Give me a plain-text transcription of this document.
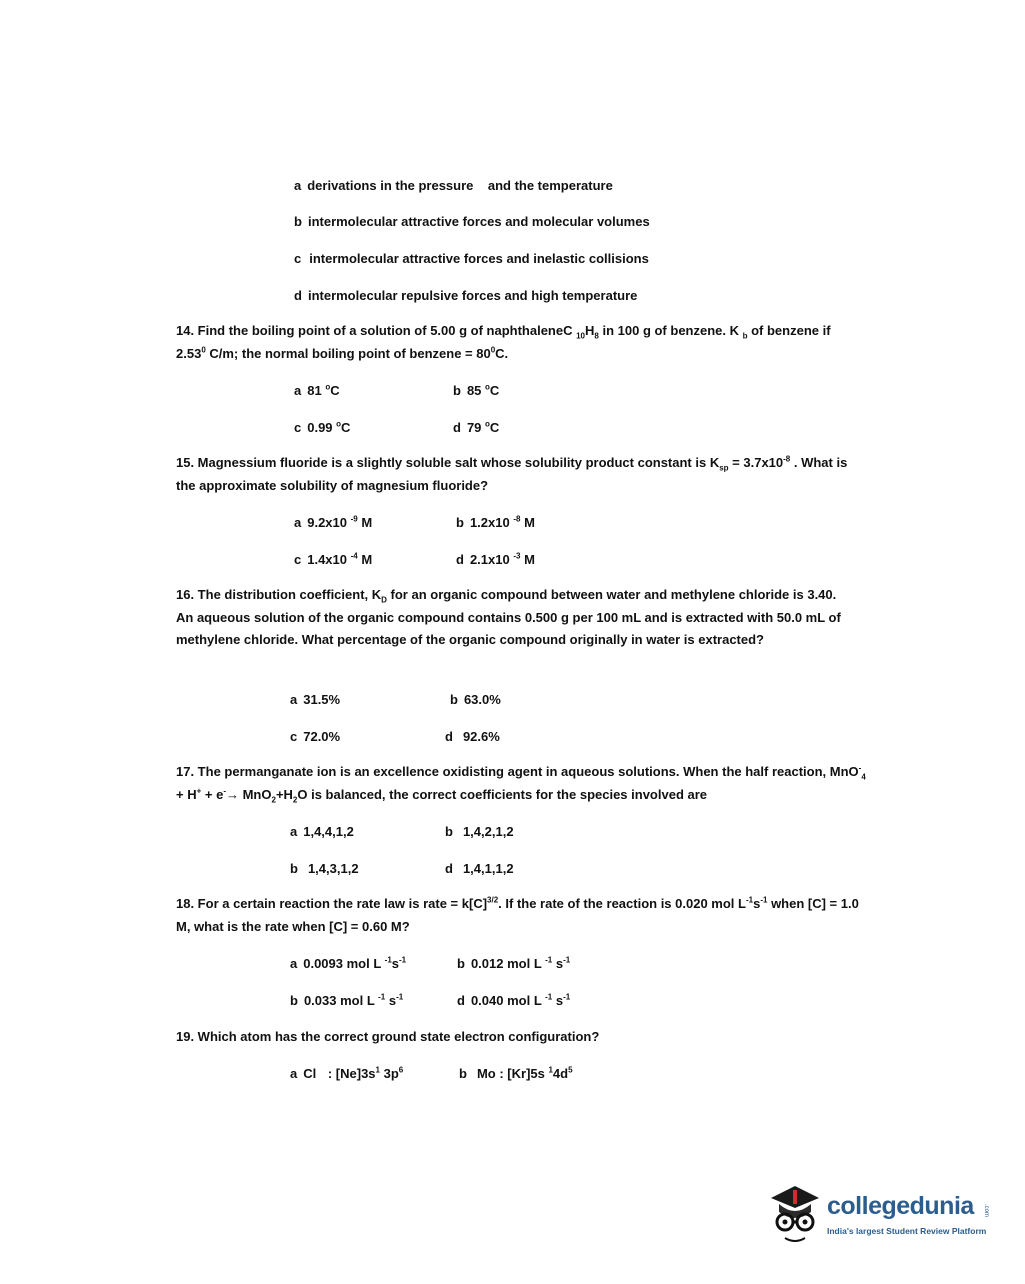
a derivations in the pressure    and the temperature
b intermolecular attractive forces and molecular volumes
c intermolecular attractive forces and inelastic collisions
d intermolecular repulsive forces and high temperature
14. Find the boiling point of a solution of 5.00 g of naphthaleneC $_{10}H_8$ in 100 g of benzene. K $_b$ of benzene if 2.53$^0$ C/m; the normal boiling point of benzene = $80^0C$.
a 81 $^o$C	b 85 $^o$C
c 0.99 $^o$C	d 79 $^o$C
15. Magnessium fluoride is a slightly soluble salt whose solubility product constant is $K_{sp} = 3.7x10^{-8}$ . What is the approximate solubility of magnesium fluoride?
a 9.2x10 $^{-9}$ M	b 1.2x10 $^{-8}$ M
c 1.4x10 $^{-4}$ M	d 2.1x10 $^{-3}$ M
16. The distribution coefficient, $K_D$ for an organic compound between water and methylene chloride is 3.40. An aqueous solution of the organic compound contains 0.500 g per 100 mL and is extracted with 50.0 mL of methylene chloride. What percentage of the organic compound originally in water is extracted?
a 31.5%	b 63.0%
c 72.0%	d 92.6%
17. The permanganate ion is an excellence oxidisting agent in aqueous solutions. When the half reaction, $MnO^-_4 + H^+ + e^-\to MnO_2+H_2O$ is balanced, the correct coefficients for the species involved are
a 1,4,4,1,2	b 1,4,2,1,2
b 1,4,3,1,2	d 1,4,1,1,2
18. For a certain reaction the rate law is rate = $k[C]^{3/2}$. If the rate of the reaction is 0.020 mol $L^{-1}s^{-1}$ when [C] = 1.0 M, what is the rate when [C] = 0.60 M?
a 0.0093 mol L $^{-1}s^{-1}$	b 0.012 mol L $^{-1}$ $s^{-1}$
b 0.033 mol L $^{-1}$ $s^{-1}$	d 0.040 mol L $^{-1}$ $s^{-1}$
19. Which atom has the correct ground state electron configuration?
a Cl : $[Ne]3s^1$ $3p^6$	b Mo : [Kr]5s $^14d^5$
collegedunia .com
India's largest Student Review Platform
